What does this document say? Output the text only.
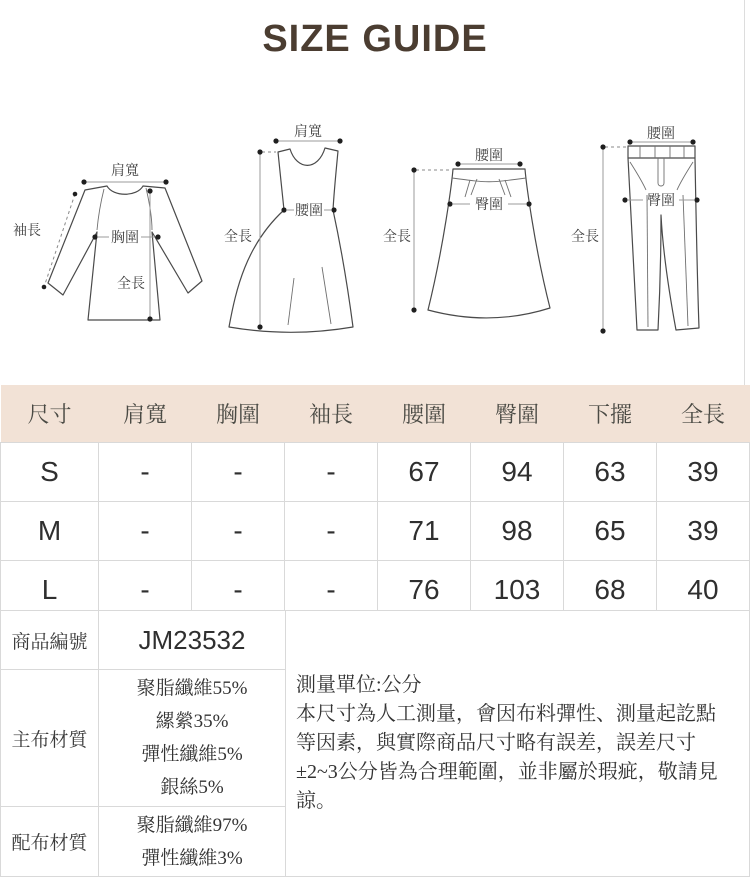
SIZE GUIDE
肩寬
袖長	胸圍
全長
肩寬
腰圍
全長
腰圍
臀圍
全長
腰圍
臀圍
全長
尺寸	肩寬	胸圍	袖長	腰圍	臀圍	下擺	全長
S	-	-	-	67	94	63	39
M	-	-	-	71	98	65	39
L	-	-	-	76	103	68	40
商品編號	JM23532	測量單位:公分
本尺寸為人工測量，會因布料彈性、測量起訖點等因素，與實際商品尺寸略有誤差，誤差尺寸±2~3公分皆為合理範圍，並非屬於瑕疵，敬請見諒。

主布材質	聚脂纖維55%
縲縈35%
彈性纖維5%
銀絲5%	

配布材質	聚脂纖維97%
彈性纖維3%	
